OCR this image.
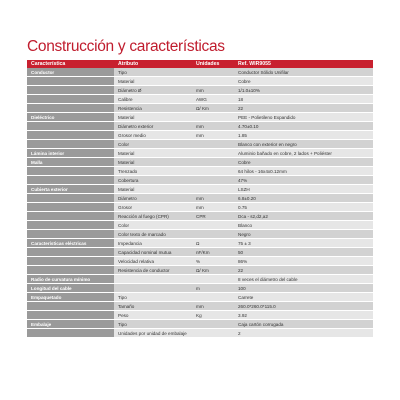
Construcción y características
Característica	Atributo	Unidades	Ref. WIR9055
Conductor	Tipo		Conductor Sólido Unifilar
	Material		Cobre
	Diámetro Ø	mm	1/1.0±10%
	Calibre	AWG	18
	Resistencia	Ω/ Km	22
Dieléctrico	Material		PEE - Polietileno Expandido
	Diámetro exterior	mm	4.70±0.10
	Grosor medio	mm	1.85
	Color		Blanco con exterior en negro
Lámina interior	Material		Aluminio bañado en cobre, 2 lados + Poliéster
Malla	Material		Cobre
	Trenzado		64 hilos - 16x4x0.12mm
	Cobertura		47%
Cubierta exterior	Material		LSZH
	Diámetro	mm	6.8±0.20
	Grosor	mm	0.75
	Reacción al fuego (CPR)	CPR	Dca - s2,d2,a2
	Color		Blanco
	Color texto de marcado		Negro
Características eléctricas	Impedancia	Ω	75 ± 3
	Capacidad nominal mutua	nF/Km	50
	Velocidad relativa	%	86%
	Resistencia de conductor	Ω/ Km	22
Radio de curvatura mínimo			8 veces el diámetro del cable
Longitud del cable		m	100
Empaquetado	Tipo		Carrete
	Tamaño	mm	260.0*260.0*115.0
	Peso	Kg	3.92
Embalaje	Tipo		Caja cartón corrugada
	Unidades por unidad de embalaje		2
